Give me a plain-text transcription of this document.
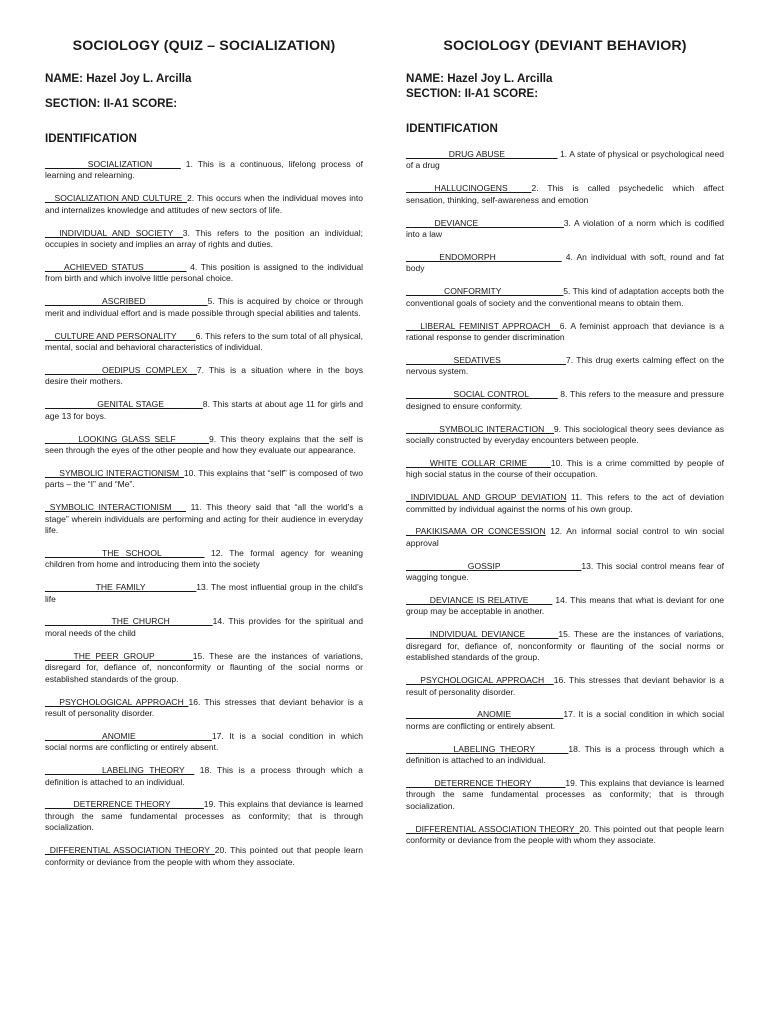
SOCIOLOGY (QUIZ – SOCIALIZATION)

NAME: Hazel Joy L. Arcilla

SECTION: II-A1 SCORE:

IDENTIFICATION

_________SOCIALIZATION______ 1. This is a continuous, lifelong process of learning and relearning.

__SOCIALIZATION AND CULTURE_2. This occurs when the individual moves into and internalizes knowledge and attitudes of new sectors of life.

___INDIVIDUAL AND SOCIETY__3. This refers to the position an individual; occupies in society and implies an array of rights and duties.

____ACHIEVED STATUS_________ 4. This position is assigned to the individual from birth and which involve little personal choice.

____________ASCRIBED_____________5. This is acquired by choice or through merit and individual effort and is made possible through special abilities and talents.

__CULTURE AND PERSONALITY____6. This refers to the sum total of all physical, mental, social and behavioral characteristics of individual.

____________OEDIPUS COMPLEX__7. This is a situation where in the boys desire their mothers.

___________GENITAL STAGE___  ____8. This starts at about age 11 for girls and age 13 for boys.

_______LOOKING GLASS SELF_______9. This theory explains that the self is seen through the eyes of the other people and how they evaluate our appearance.

___SYMBOLIC INTERACTIONISM_10. This explains that “self” is composed of two parts – the “I” and “Me”.

_SYMBOLIC INTERACTIONISM___ 11. This theory said that “all the world’s a stage” wherein individuals are performing and acting for their audience in everyday life.

____________THE SCHOOL_________ 12. The formal agency for weaning children from home and introducing them into the society

______ ____THE FAMILY___ _______13. The most influential group in the child’s life

______________THE CHURCH_________14. This provides for the spiritual and moral needs of the child

______THE PEER GROUP________15. These are the instances of variations, disregard for, defiance of, nonconformity or flaunting of the social norms or established standards of the group.

___PSYCHOLOGICAL APPROACH_16. This stresses that deviant behavior is a result of personality disorder.

____________ANOMIE________________17. It is a social condition in which social norms are conflicting or entirely absent.

____________LABELING THEORY__ 18. This is a process through which a definition is attached to an individual.

______DETERRENCE THEORY_______19. This explains that deviance is learned through the same fundamental processes as conformity; that is through socialization.

_DIFFERENTIAL ASSOCIATION THEORY_20. This pointed out that people learn conformity or deviance from the people with whom they associate.

SOCIOLOGY (DEVIANT BEHAVIOR)

NAME: Hazel Joy L. Arcilla

SECTION: II-A1 SCORE:

IDENTIFICATION

_________DRUG ABUSE______  ____ 1. A state of physical or psychological need of a drug

______HALLUCINOGENS_____2. This is called psychedelic which affect sensation, thinking, self-awareness and emotion

______DEVIANCE__________________3. A violation of a norm which is codified into a law

_______ENDOMORPH___ __________ 4. An individual with soft, round and fat body

________CONFORMITY_____________5. This kind of adaptation accepts both the conventional goals of society and the conventional means to obtain them.

___LIBERAL FEMINIST APPROACH__6. A feminist approach that deviance is a rational response to gender discrimination

__________SEDATIVES_____ ________7. This drug exerts calming effect on the nervous system.

__________SOCIAL CONTROL______ 8. This refers to the measure and pressure designed to ensure conformity.

_______SYMBOLIC INTERACTION__9. This sociological theory sees deviance as socially constructed by everyday encounters between people.

_____WHITE COLLAR CRIME_____10. This is a crime committed by people of high social status in the course of their occupation.

_INDIVIDUAL AND GROUP DEVIATION 11. This refers to the act of deviation committed by individual against the norms of his own group.

__PAKIKISAMA OR CONCESSION 12. An informal social control to win social approval

_____________GOSSIP_________________13. This social control means fear of wagging tongue.

_____DEVIANCE IS RELATIVE_____ 14. This means that what is deviant for one group may be acceptable in another.

_____INDIVIDUAL DEVIANCE_______15. These are the instances of variations, disregard for, defiance of, nonconformity or flaunting of the social norms or established standards of the group.

___PSYCHOLOGICAL APPROACH__16. This stresses that deviant behavior is a result of personality disorder.

_______________ANOMIE___________17. It is a social condition in which social norms are conflicting or entirely absent.

__________LABELING THEORY_______18. This is a process through which a definition is attached to an individual.

______DETERRENCE THEORY___  ___19. This explains that deviance is learned through the same fundamental processes as conformity; that is through socialization.

__DIFFERENTIAL ASSOCIATION THEORY_20. This pointed out that people learn conformity or deviance from the people with whom they associate.
